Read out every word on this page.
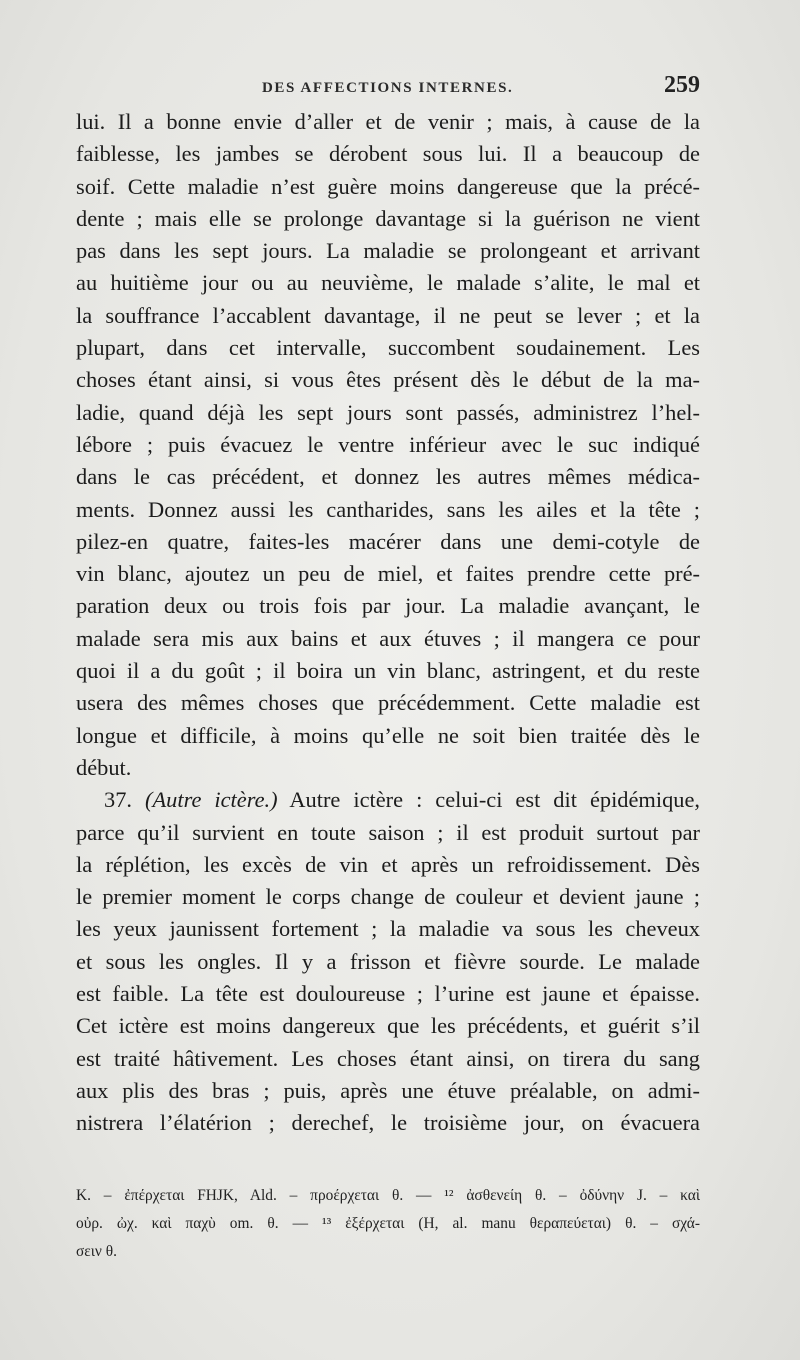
DES AFFECTIONS INTERNES.	259
lui. Il a bonne envie d’aller et de venir ; mais, à cause de la
faiblesse, les jambes se dérobent sous lui. Il a beaucoup de
soif. Cette maladie n’est guère moins dangereuse que la précé-
dente ; mais elle se prolonge davantage si la guérison ne vient
pas dans les sept jours. La maladie se prolongeant et arrivant
au huitième jour ou au neuvième, le malade s’alite, le mal et
la souffrance l’accablent davantage, il ne peut se lever ; et la
plupart, dans cet intervalle, succombent soudainement. Les
choses étant ainsi, si vous êtes présent dès le début de la ma-
ladie, quand déjà les sept jours sont passés, administrez l’hel-
lébore ; puis évacuez le ventre inférieur avec le suc indiqué
dans le cas précédent, et donnez les autres mêmes médica-
ments. Donnez aussi les cantharides, sans les ailes et la tête ;
pilez-en quatre, faites-les macérer dans une demi-cotyle de
vin blanc, ajoutez un peu de miel, et faites prendre cette pré-
paration deux ou trois fois par jour. La maladie avançant, le
malade sera mis aux bains et aux étuves ; il mangera ce pour
quoi il a du goût ; il boira un vin blanc, astringent, et du reste
usera des mêmes choses que précédemment. Cette maladie est
longue et difficile, à moins qu’elle ne soit bien traitée dès le
début.
37. (Autre ictère.) Autre ictère : celui-ci est dit épidémique,
parce qu’il survient en toute saison ; il est produit surtout par
la réplétion, les excès de vin et après un refroidissement. Dès
le premier moment le corps change de couleur et devient jaune ;
les yeux jaunissent fortement ; la maladie va sous les cheveux
et sous les ongles. Il y a frisson et fièvre sourde. Le malade
est faible. La tête est douloureuse ; l’urine est jaune et épaisse.
Cet ictère est moins dangereux que les précédents, et guérit s’il
est traité hâtivement. Les choses étant ainsi, on tirera du sang
aux plis des bras ; puis, après une étuve préalable, on admi-
nistrera l’élatérion ; derechef, le troisième jour, on évacuera
K. – ἐπέρχεται FHJK, Ald. – προέρχεται θ. — ¹² ἀσθενείη θ. – ὀδύνην J. – καὶ
οὐρ. ὠχ. καὶ παχὺ om. θ. — ¹³ ἐξέρχεται (H, al. manu θεραπεύεται) θ. – σχά-
σειν θ.
